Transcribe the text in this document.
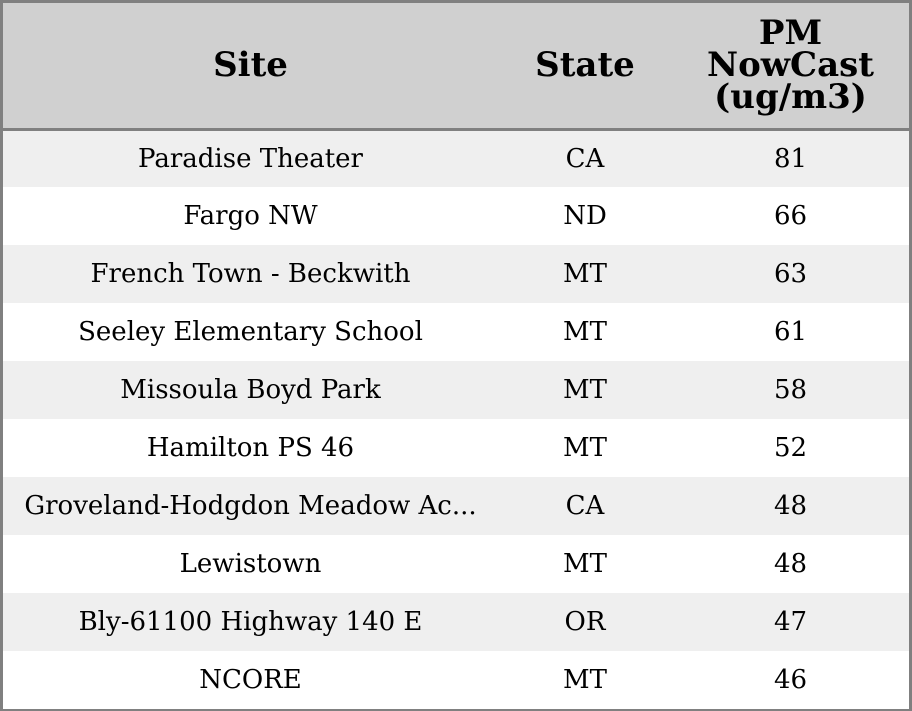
Site	State	PM
NowCast
(ug/m3)

Paradise Theater	CA	81
Fargo NW	ND	66
French Town - Beckwith	MT	63
Seeley Elementary School	MT	61
Missoula Boyd Park	MT	58
Hamilton PS 46	MT	52
Groveland-Hodgdon Meadow Ac...	CA	48
Lewistown	MT	48
Bly-61100 Highway 140 E	OR	47
NCORE	MT	46
